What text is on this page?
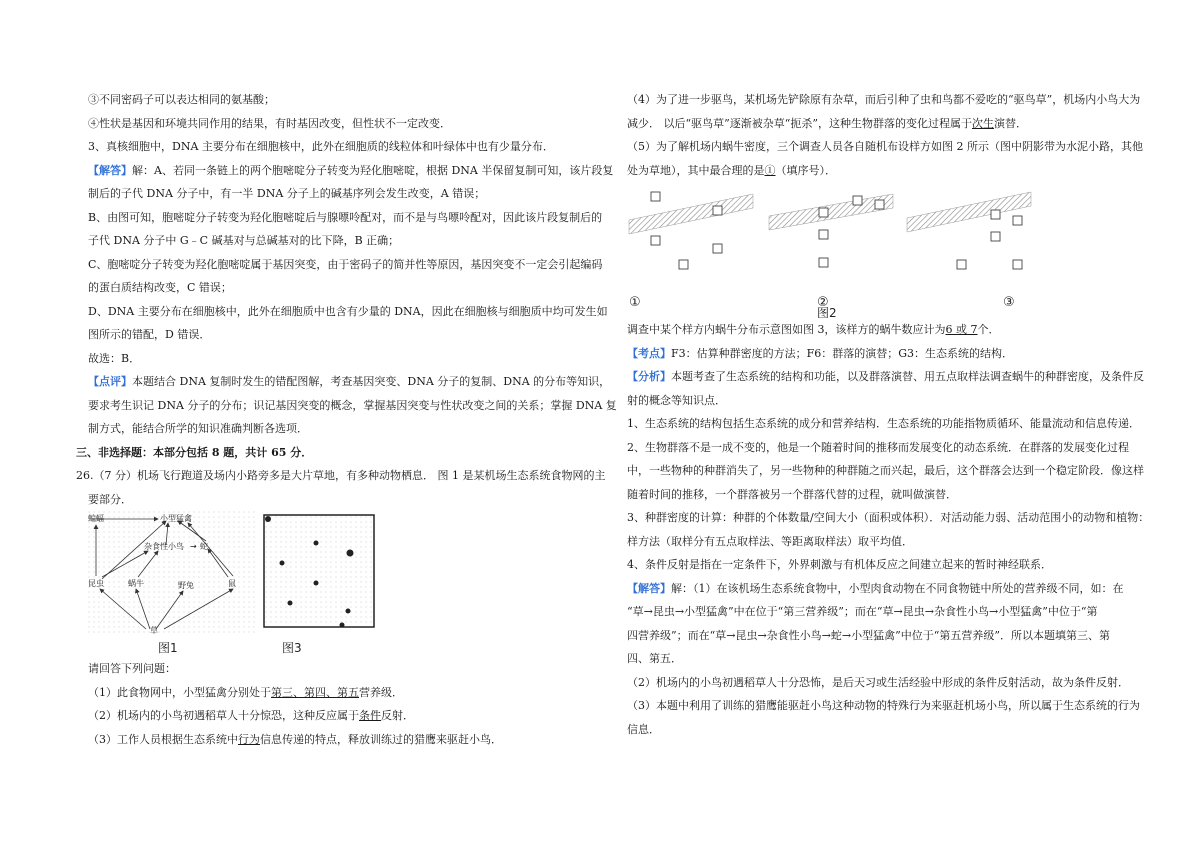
③不同密码子可以表达相同的氨基酸；

④性状是基因和环境共同作用的结果，有时基因改变，但性状不一定改变．

3、真核细胞中，DNA 主要分布在细胞核中，此外在细胞质的线粒体和叶绿体中也有少量分布．

【解答】解：A、若同一条链上的两个胞嘧啶分子转变为羟化胞嘧啶，根据 DNA 半保留复制可知，该片段复

制后的子代 DNA 分子中，有一半 DNA 分子上的碱基序列会发生改变，A 错误；

B、由图可知，胞嘧啶分子转变为羟化胞嘧啶后与腺嘌呤配对，而不是与鸟嘌呤配对，因此该片段复制后的

子代 DNA 分子中 G﹣C 碱基对与总碱基对的比下降，B 正确；

C、胞嘧啶分子转变为羟化胞嘧啶属于基因突变，由于密码子的简并性等原因，基因突变不一定会引起编码

的蛋白质结构改变，C 错误；

D、DNA 主要分布在细胞核中，此外在细胞质中也含有少量的 DNA，因此在细胞核与细胞质中均可发生如

图所示的错配，D 错误．

故选：B．

【点评】本题结合 DNA 复制时发生的错配图解，考查基因突变、DNA 分子的复制、DNA 的分布等知识，

要求考生识记 DNA 分子的分布；识记基因突变的概念，掌握基因突变与性状改变之间的关系；掌握 DNA 复

制方式，能结合所学的知识准确判断各选项．

三、非选择题：本部分包括 8 题，共计 65 分．

26.（7 分）机场飞行跑道及场内小路旁多是大片草地，有多种动物栖息． 图 1 是某机场生态系统食物网的主

要部分．

蝙蝠	小型猛禽
杂食性小鸟 → 蛇
昆虫	蜗牛	野兔	鼠
草
图1	图3

请回答下列问题：

（1）此食物网中，小型猛禽分别处于第三、第四、第五营养级．

（2）机场内的小鸟初遇稻草人十分惊恐，这种反应属于条件反射．

（3）工作人员根据生态系统中行为信息传递的特点，释放训练过的猎鹰来驱赶小鸟．

（4）为了进一步驱鸟，某机场先铲除原有杂草，而后引种了虫和鸟都不爱吃的“驱鸟草”，机场内小鸟大为

减少． 以后“驱鸟草”逐渐被杂草“扼杀”，这种生物群落的变化过程属于次生演替．

（5）为了解机场内蜗牛密度，三个调查人员各自随机布设样方如图 2 所示（图中阴影带为水泥小路，其他

处为草地），其中最合理的是①（填序号）．

①	②	③
图2

调查中某个样方内蜗牛分布示意图如图 3，该样方的蜗牛数应计为6 或 7个．

【考点】F3：估算种群密度的方法；F6：群落的演替；G3：生态系统的结构．

【分析】本题考查了生态系统的结构和功能，以及群落演替、用五点取样法调查蜗牛的种群密度，及条件反

射的概念等知识点．

1、生态系统的结构包括生态系统的成分和营养结构．生态系统的功能指物质循环、能量流动和信息传递．

2、生物群落不是一成不变的，他是一个随着时间的推移而发展变化的动态系统．在群落的发展变化过程

中，一些物种的种群消失了，另一些物种的种群随之而兴起，最后，这个群落会达到一个稳定阶段．像这样

随着时间的推移，一个群落被另一个群落代替的过程，就叫做演替．

3、种群密度的计算：种群的个体数量/空间大小（面积或体积）．对活动能力弱、活动范围小的动物和植物：

样方法（取样分有五点取样法、等距离取样法）取平均值．

4、条件反射是指在一定条件下，外界刺激与有机体反应之间建立起来的暂时神经联系．

【解答】解：（1）在该机场生态系统食物中，小型肉食动物在不同食物链中所处的营养级不同，如：在

“草→昆虫→小型猛禽”中在位于“第三营养级”；而在“草→昆虫→杂食性小鸟→小型猛禽”中位于“第

四营养级”；而在“草→昆虫→杂食性小鸟→蛇→小型猛禽”中位于“第五营养级”．所以本题填第三、第

四、第五．

（2）机场内的小鸟初遇稻草人十分恐怖，是后天习或生活经验中形成的条件反射活动，故为条件反射．

（3）本题中利用了训练的猎鹰能驱赶小鸟这种动物的特殊行为来驱赶机场小鸟，所以属于生态系统的行为

信息．
